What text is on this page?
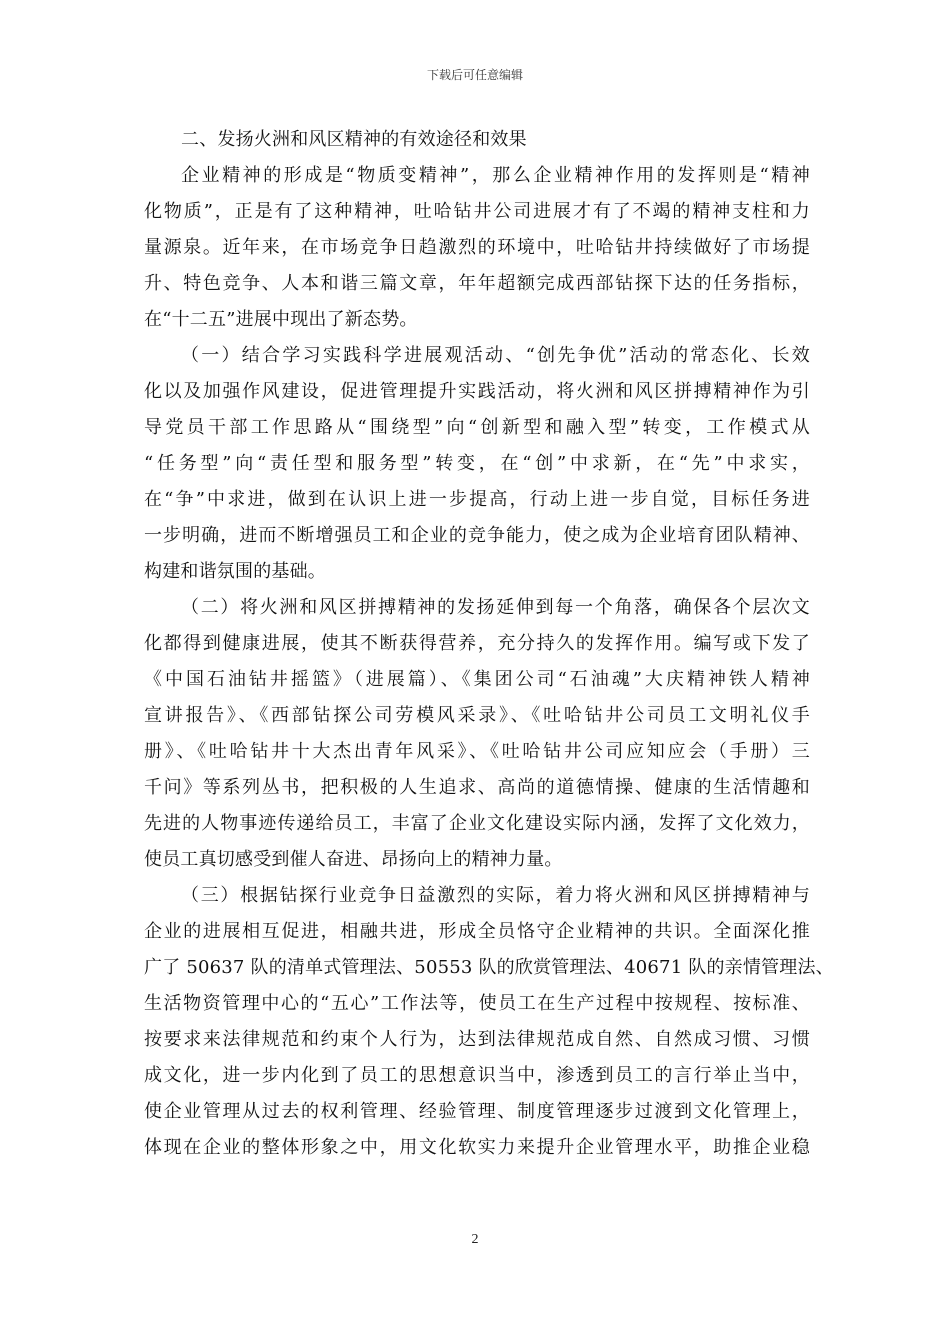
下载后可任意编辑
二、发扬火洲和风区精神的有效途径和效果
企业精神的形成是“物质变精神”，那么企业精神作用的发挥则是“精神
化物质”，正是有了这种精神，吐哈钻井公司进展才有了不竭的精神支柱和力
量源泉。近年来，在市场竞争日趋激烈的环境中，吐哈钻井持续做好了市场提
升、特色竞争、人本和谐三篇文章，年年超额完成西部钻探下达的任务指标，
在“十二五”进展中现出了新态势。
（一）结合学习实践科学进展观活动、“创先争优”活动的常态化、长效
化以及加强作风建设，促进管理提升实践活动，将火洲和风区拼搏精神作为引
导党员干部工作思路从“围绕型”向“创新型和融入型”转变，工作模式从
“任务型”向“责任型和服务型”转变，在“创”中求新，在“先”中求实，
在“争”中求进，做到在认识上进一步提高，行动上进一步自觉，目标任务进
一步明确，进而不断增强员工和企业的竞争能力，使之成为企业培育团队精神、
构建和谐氛围的基础。
（二）将火洲和风区拼搏精神的发扬延伸到每一个角落，确保各个层次文
化都得到健康进展，使其不断获得营养，充分持久的发挥作用。编写或下发了
《中国石油钻井摇篮》（进展篇）、《集团公司“石油魂”大庆精神铁人精神
宣讲报告》、《西部钻探公司劳模风采录》、《吐哈钻井公司员工文明礼仪手
册》、《吐哈钻井十大杰出青年风采》、《吐哈钻井公司应知应会（手册）三
千问》等系列丛书，把积极的人生追求、高尚的道德情操、健康的生活情趣和
先进的人物事迹传递给员工，丰富了企业文化建设实际内涵，发挥了文化效力，
使员工真切感受到催人奋进、昂扬向上的精神力量。
（三）根据钻探行业竞争日益激烈的实际，着力将火洲和风区拼搏精神与
企业的进展相互促进，相融共进，形成全员恪守企业精神的共识。全面深化推
广了 50637 队的清单式管理法、50553 队的欣赏管理法、40671 队的亲情管理法、
生活物资管理中心的“五心”工作法等，使员工在生产过程中按规程、按标准、
按要求来法律规范和约束个人行为，达到法律规范成自然、自然成习惯、习惯
成文化，进一步内化到了员工的思想意识当中，渗透到员工的言行举止当中，
使企业管理从过去的权利管理、经验管理、制度管理逐步过渡到文化管理上，
体现在企业的整体形象之中，用文化软实力来提升企业管理水平，助推企业稳
2
